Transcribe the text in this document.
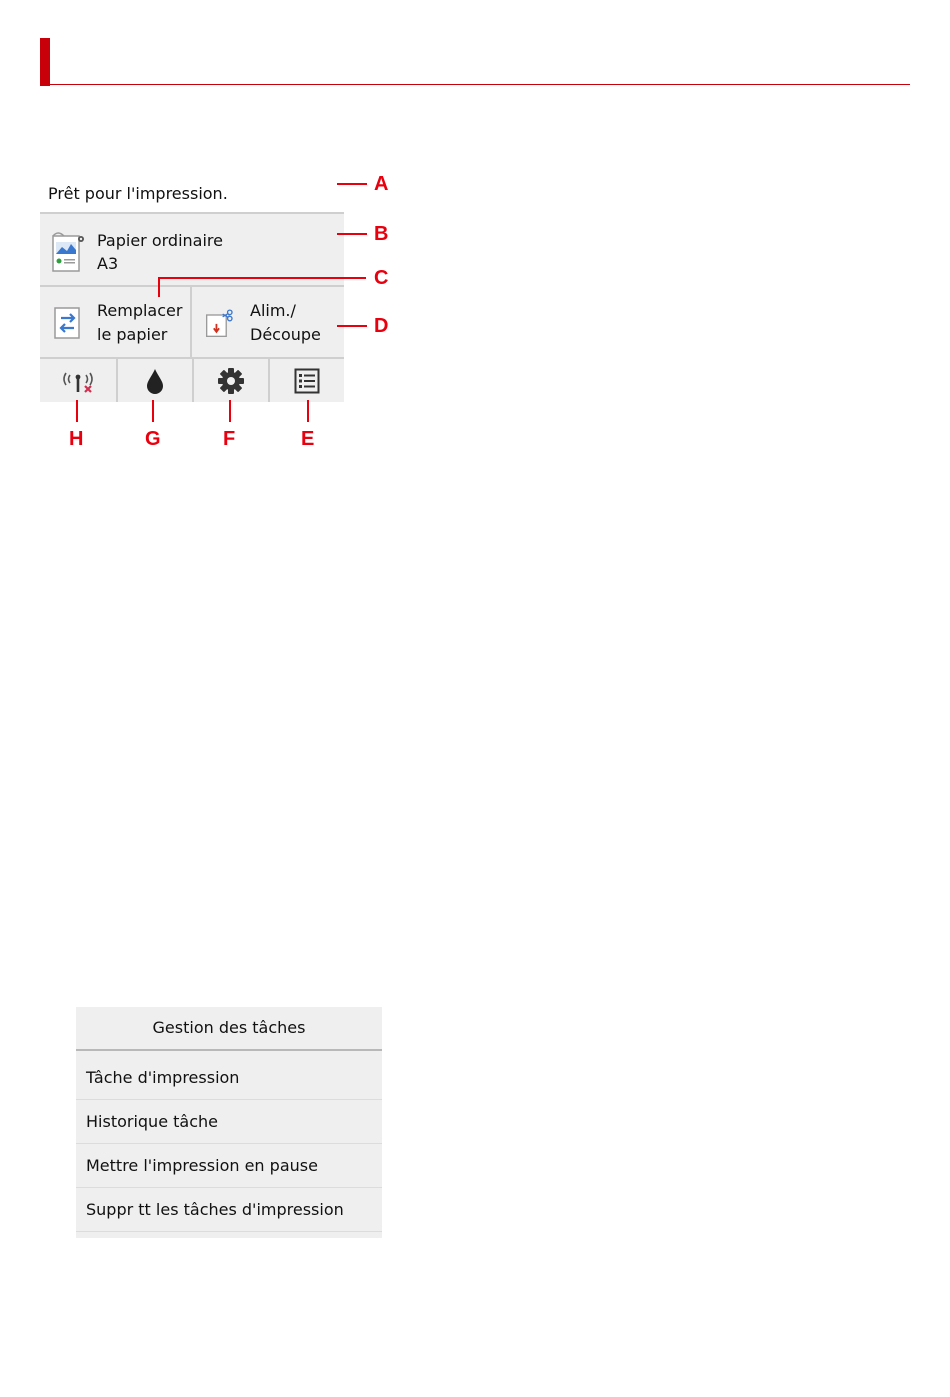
Prêt pour l'impression.
Papier ordinaire
A3
Remplacer
le papier
Alim./
Découpe
A
B
C
D
H	G	F	E
Gestion des tâches
Tâche d'impression
Historique tâche
Mettre l'impression en pause
Suppr tt les tâches d'impression
